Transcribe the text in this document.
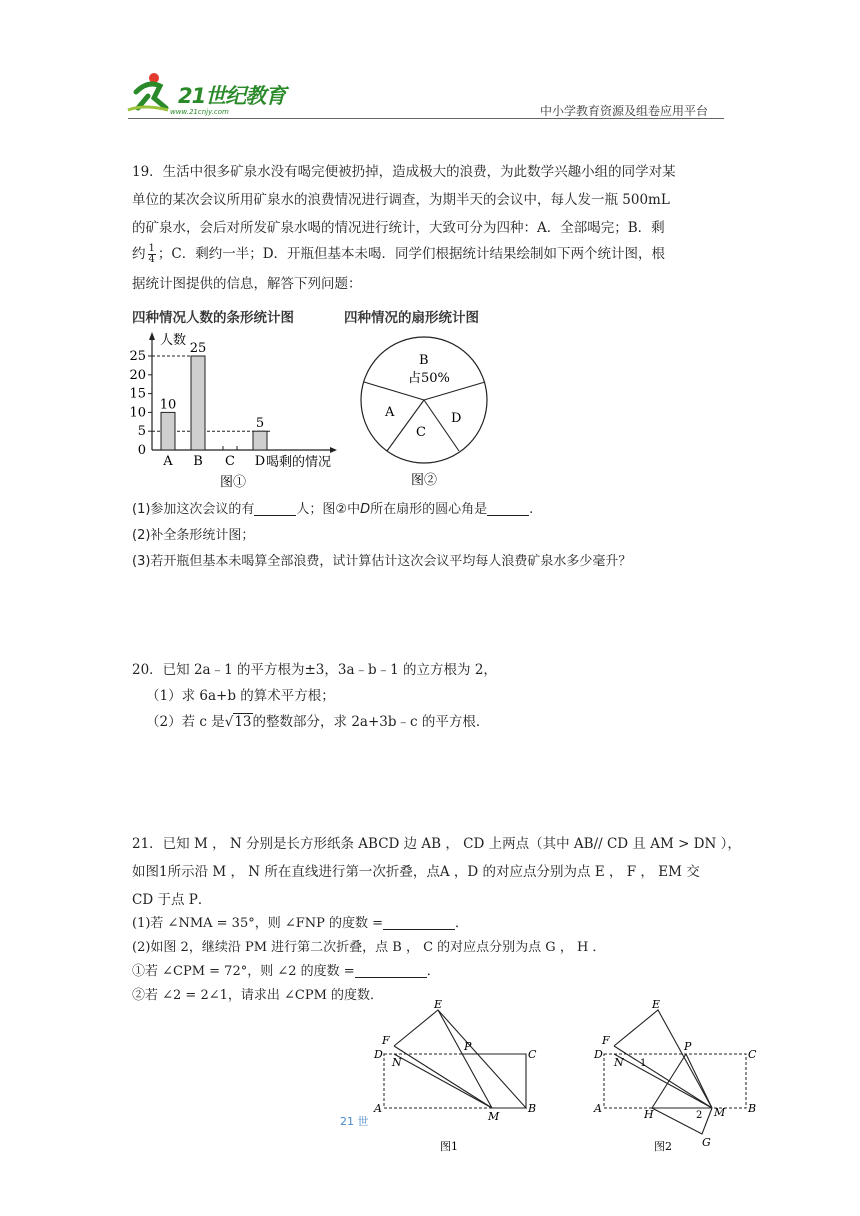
21世纪教育
www.21cnjy.com	中小学教育资源及组卷应用平台
19．生活中很多矿泉水没有喝完便被扔掉，造成极大的浪费，为此数学兴趣小组的同学对某
单位的某次会议所用矿泉水的浪费情况进行调查，为期半天的会议中，每人发一瓶 500mL
的矿泉水，会后对所发矿泉水喝的情况进行统计，大致可分为四种：A．全部喝完；B．剩
约 $\frac{1}{4}$ ；C．剩约一半；D．开瓶但基本未喝．同学们根据统计结果绘制如下两个统计图，根
据统计图提供的信息，解答下列问题：
四种情况人数的条形统计图	四种情况的扇形统计图
0
5
10
15
20
25
A
10
B
25
C D
5
人数
喝剩的情况
图①
B
占50%
A
C
D
图②
(1)参加这次会议的有	人；图②中D所在扇形的圆心角是	.
(2)补全条形统计图；
(3)若开瓶但基本未喝算全部浪费，试计算估计这次会议平均每人浪费矿泉水多少毫升？
20．已知 2a﹣1 的平方根为±3，3a﹣b﹣1 的立方根为 2，
（1）求 6a+b 的算术平方根；
（2）若 c 是√13的整数部分，求 2a+3b﹣c 的平方根．
21．已知 M ， N 分别是长方形纸条 ABCD 边 AB ， CD 上两点（其中 AB// CD 且 AM > DN ），
如图1所示沿 M ， N 所在直线进行第一次折叠，点A ，D 的对应点分别为点 E ， F ， EM 交
CD 于点 P．
(1)若 ∠NMA = 35°，则 ∠FNP 的度数 =	．
(2)如图 2，继续沿 PM 进行第二次折叠，点 B ， C 的对应点分别为点 G ， H ．
①若 ∠CPM = 72°，则 ∠2 的度数 =	．
②若 ∠2 = 2∠1，请求出 ∠CPM 的度数．
E
F
D
N
P
C
A
M
B
图1
E
F
D
N 1
P
C
A	H	2 M B
G
图2
21 世
